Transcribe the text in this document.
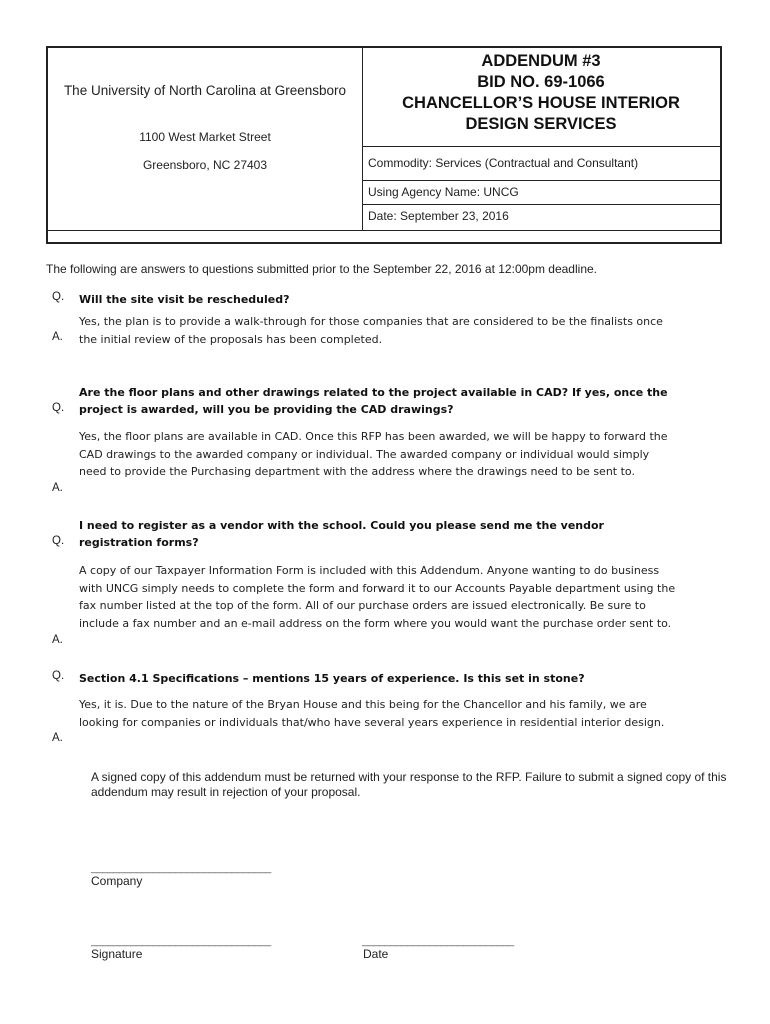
The University of North Carolina at Greensboro
1100 West Market Street
Greensboro, NC 27403
ADDENDUM #3
BID NO. 69-1066
CHANCELLOR’S HOUSE INTERIOR
DESIGN SERVICES
Commodity: Services (Contractual and Consultant)
Using Agency Name: UNCG
Date: September 23, 2016
The following are answers to questions submitted prior to the September 22, 2016 at 12:00pm deadline.
Q. Will the site visit be rescheduled?
Yes, the plan is to provide a walk-through for those companies that are considered to be the finalists once the initial review of the proposals has been completed.
A.
Are the floor plans and other drawings related to the project available in CAD? If yes, once the project is awarded, will you be providing the CAD drawings?
Q.
Yes, the floor plans are available in CAD. Once this RFP has been awarded, we will be happy to forward the CAD drawings to the awarded company or individual. The awarded company or individual would simply need to provide the Purchasing department with the address where the drawings need to be sent to.
A.
I need to register as a vendor with the school. Could you please send me the vendor registration forms?
Q.
A copy of our Taxpayer Information Form is included with this Addendum. Anyone wanting to do business with UNCG simply needs to complete the form and forward it to our Accounts Payable department using the fax number listed at the top of the form. All of our purchase orders are issued electronically. Be sure to include a fax number and an e-mail address on the form where you would want the purchase order sent to.
A.
Q. Section 4.1 Specifications – mentions 15 years of experience. Is this set in stone?
Yes, it is. Due to the nature of the Bryan House and this being for the Chancellor and his family, we are looking for companies or individuals that/who have several years experience in residential interior design.
A.
A signed copy of this addendum must be returned with your response to the RFP. Failure to submit a signed copy of this addendum may result in rejection of your proposal.
________________________________
Company
________________________________
Signature
___________________________
Date
